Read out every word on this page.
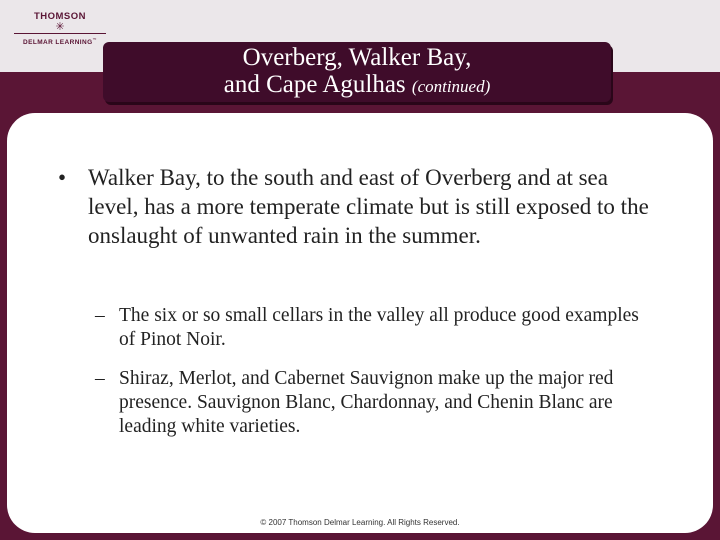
THOMSON
✳
DELMAR LEARNING™
Overberg, Walker Bay,
and Cape Agulhas (continued)
• Walker Bay, to the south and east of Overberg and at sea level, has a more temperate climate but is still exposed to the onslaught of unwanted rain in the summer.
– The six or so small cellars in the valley all produce good examples of Pinot Noir.
– Shiraz, Merlot, and Cabernet Sauvignon make up the major red presence. Sauvignon Blanc, Chardonnay, and Chenin Blanc are leading white varieties.
© 2007 Thomson Delmar Learning. All Rights Reserved.
